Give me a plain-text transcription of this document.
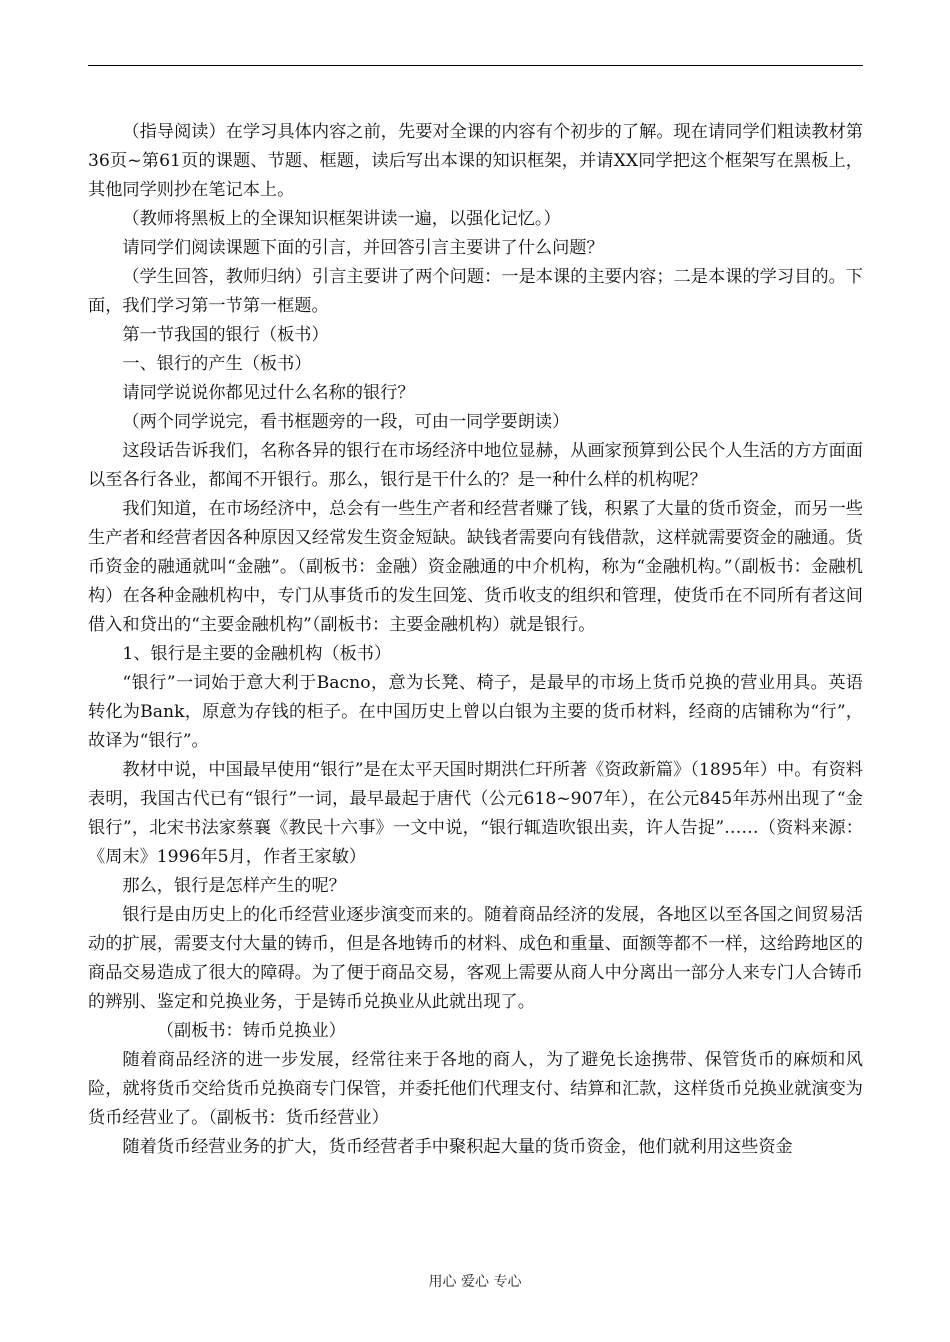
（指导阅读）在学习具体内容之前，先要对全课的内容有个初步的了解。现在请同学们粗读教材第36页~第61页的课题、节题、框题，读后写出本课的知识框架，并请XX同学把这个框架写在黑板上，其他同学则抄在笔记本上。

（教师将黑板上的全课知识框架讲读一遍，以强化记忆。）

请同学们阅读课题下面的引言，并回答引言主要讲了什么问题？

（学生回答，教师归纳）引言主要讲了两个问题：一是本课的主要内容；二是本课的学习目的。下面，我们学习第一节第一框题。

第一节我国的银行（板书）

一、银行的产生（板书）

请同学说说你都见过什么名称的银行？

（两个同学说完，看书框题旁的一段，可由一同学要朗读）

这段话告诉我们，名称各异的银行在市场经济中地位显赫，从画家预算到公民个人生活的方方面面以至各行各业，都闻不开银行。那么，银行是干什么的？是一种什么样的机构呢？

我们知道，在市场经济中，总会有一些生产者和经营者赚了钱，积累了大量的货币资金，而另一些生产者和经营者因各种原因又经常发生资金短缺。缺钱者需要向有钱借款，这样就需要资金的融通。货币资金的融通就叫“金融”。（副板书：金融）资金融通的中介机构，称为“金融机构。”（副板书：金融机构）在各种金融机构中，专门从事货币的发生回笼、货币收支的组织和管理，使货币在不同所有者这间借入和贷出的“主要金融机构”（副板书：主要金融机构）就是银行。

1、银行是主要的金融机构（板书）

“银行”一词始于意大利于Bacno，意为长凳、椅子，是最早的市场上货币兑换的营业用具。英语转化为Bank，原意为存钱的柜子。在中国历史上曾以白银为主要的货币材料，经商的店铺称为“行”，故译为“银行”。

教材中说，中国最早使用“银行”是在太平天国时期洪仁玕所著《资政新篇》（1895年）中。有资料表明，我国古代已有“银行”一词，最早最起于唐代（公元618~907年），在公元845年苏州出现了“金银行”，北宋书法家蔡襄《教民十六事》一文中说，“银行辄造吹银出卖，许人告捉”……（资料来源：《周末》1996年5月，作者王家敏）

那么，银行是怎样产生的呢？

银行是由历史上的化币经营业逐步演变而来的。随着商品经济的发展，各地区以至各国之间贸易活动的扩展，需要支付大量的铸币，但是各地铸币的材料、成色和重量、面额等都不一样，这给跨地区的商品交易造成了很大的障碍。为了便于商品交易，客观上需要从商人中分离出一部分人来专门人合铸币的辨别、鉴定和兑换业务，于是铸币兑换业从此就出现了。

（副板书：铸币兑换业）

随着商品经济的进一步发展，经常往来于各地的商人，为了避免长途携带、保管货币的麻烦和风险，就将货币交给货币兑换商专门保管，并委托他们代理支付、结算和汇款，这样货币兑换业就演变为货币经营业了。（副板书：货币经营业）

随着货币经营业务的扩大，货币经营者手中聚积起大量的货币资金，他们就利用这些资金

用心 爱心 专心
